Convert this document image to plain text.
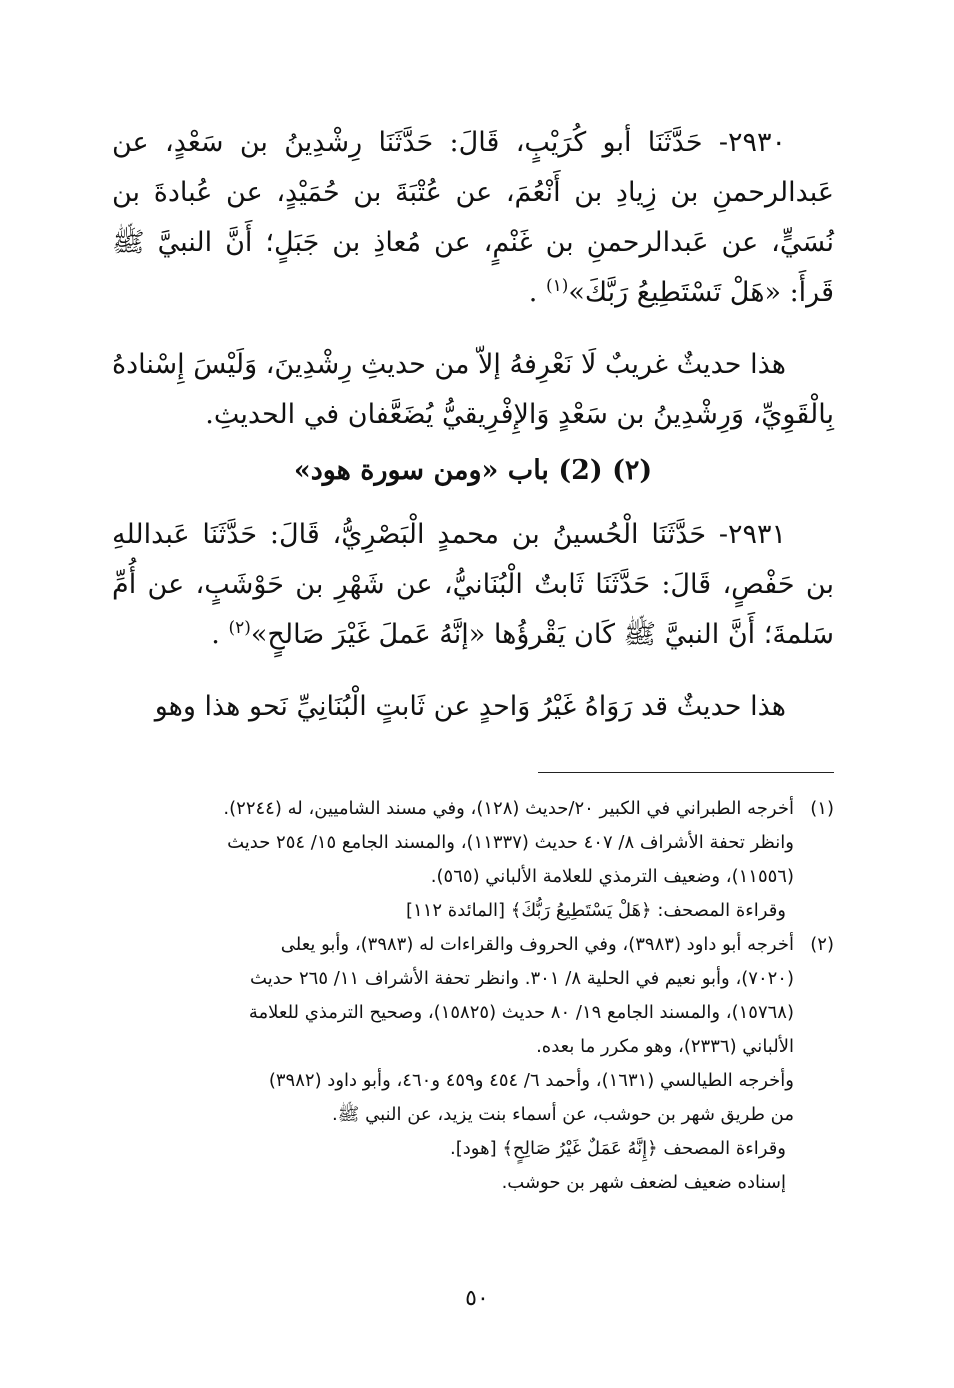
٢٩٣٠- حَدَّثَنَا أبو كُرَيْبٍ، قَالَ: حَدَّثَنَا رِشْدِينُ بن سَعْدٍ، عن عَبدالرحمنِ بن زِيادِ بن أَنْعُمَ، عن عُتْبَةَ بن حُمَيْدٍ، عن عُبادةَ بن نُسَيٍّ، عن عَبدالرحمنِ بن غَنْمٍ، عن مُعاذِ بن جَبَلٍ؛ أَنَّ النبيَّ ﷺ قَرأَ: «هَلْ تَسْتَطِيعُ رَبَّكَ»$^{(١)}$ .

هذا حديثٌ غريبٌ لَا نَعْرِفهُ إلاّ من حديثِ رِشْدِينَ، وَلَيْسَ إِسْنادهُ بِالْقَوِيِّ، وَرِشْدِينُ بن سَعْدٍ وَالإِفْرِيقيُّ يُضَعَّفان في الحديثِ.

(٢) (2) باب «ومن سورة هود»

٢٩٣١- حَدَّثَنَا الْحُسينُ بن محمدٍ الْبَصْرِيُّ، قَالَ: حَدَّثَنَا عَبداللهِ بن حَفْصٍ، قَالَ: حَدَّثَنَا ثَابتٌ الْبُنَانيُّ، عن شَهْرِ بن حَوْشَبٍ، عن أُمِّ سَلمةَ؛ أَنَّ النبيَّ ﷺ كَان يَقْرؤُها «إنَّهُ عَملَ غَيْرَ صَالحٍ»$^{(٢)}$ .

هذا حديثٌ قد رَوَاهُ غَيْرُ وَاحدٍ عن ثَابتٍ الْبُنَانِيِّ نَحو هذا وهو

(١)
أخرجه الطبراني في الكبير ٢٠/حديث (١٢٨)، وفي مسند الشاميين، له (٢٢٤٤).
وانظر تحفة الأشراف ٨/ ٤٠٧ حديث (١١٣٣٧)، والمسند الجامع ١٥/ ٢٥٤ حديث
(١١٥٥٦)، وضعيف الترمذي للعلامة الألباني (٥٦٥).
وقراءة المصحف: ﴿هَلْ يَسْتَطِيعُ رَبُّكَ﴾ [المائدة ١١٢]
(٢)
أخرجه أبو داود (٣٩٨٣)، وفي الحروف والقراءات له (٣٩٨٣)، وأبو يعلى
(٧٠٢٠)، وأبو نعيم في الحلية ٨/ ٣٠١. وانظر تحفة الأشراف ١١/ ٢٦٥ حديث
(١٥٧٦٨)، والمسند الجامع ١٩/ ٨٠ حديث (١٥٨٢٥)، وصحيح الترمذي للعلامة
الألباني (٢٣٣٦)، وهو مكرر ما بعده.
وأخرجه الطيالسي (١٦٣١)، وأحمد ٦/ ٤٥٤ و٤٥٩ و٤٦٠، وأبو داود (٣٩٨٢)
من طريق شهر بن حوشب، عن أسماء بنت يزيد، عن النبي ﷺ.
وقراءة المصحف ﴿إِنَّهُ عَمَلٌ غَيْرُ صَالِحٍ﴾ [هود].
إسناده ضعيف لضعف شهر بن حوشب.
٥٠
